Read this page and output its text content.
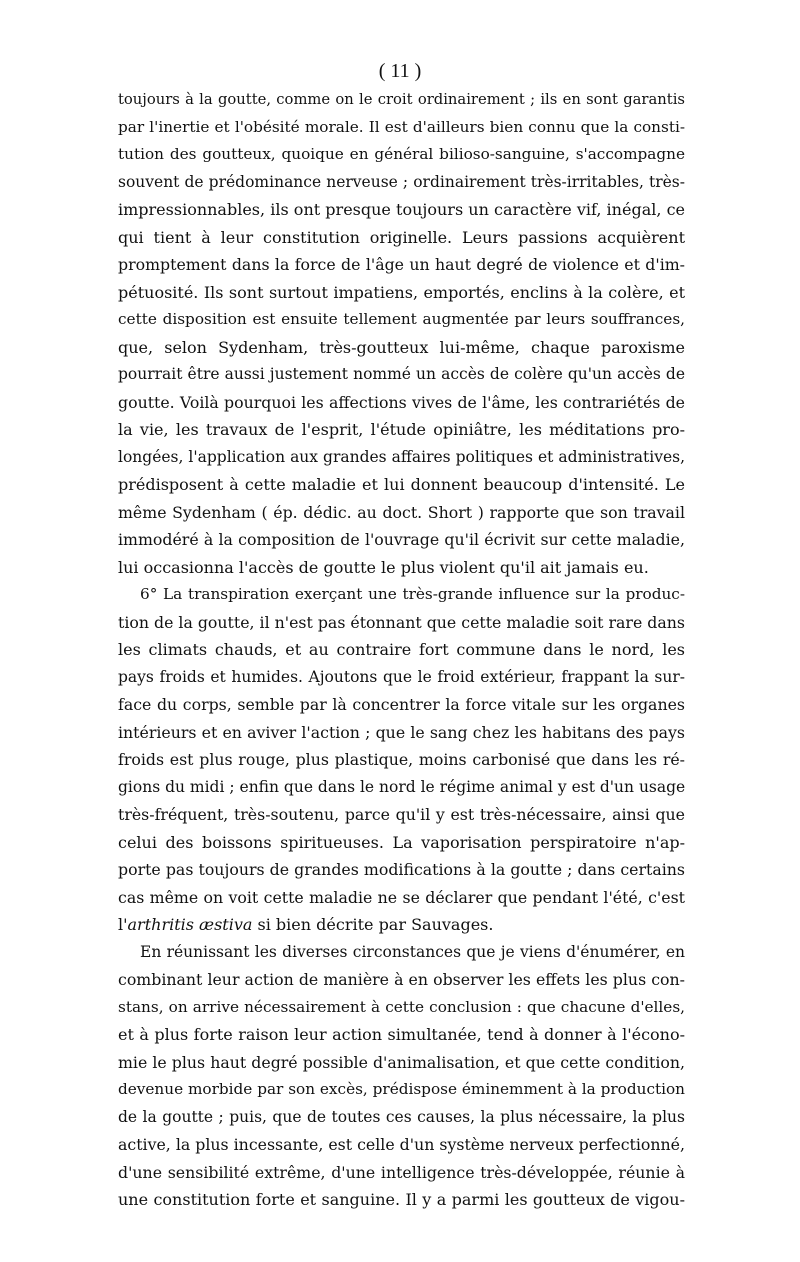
( 11 )
toujours à la goutte, comme on le croit ordinairement ; ils en sont garantis
par l'inertie et l'obésité morale. Il est d'ailleurs bien connu que la consti-
tution des goutteux, quoique en général bilioso-sanguine, s'accompagne
souvent de prédominance nerveuse ; ordinairement très-irritables, très-
impressionnables, ils ont presque toujours un caractère vif, inégal, ce
qui tient à leur constitution originelle. Leurs passions acquièrent
promptement dans la force de l'âge un haut degré de violence et d'im-
pétuosité. Ils sont surtout impatiens, emportés, enclins à la colère, et
cette disposition est ensuite tellement augmentée par leurs souffrances,
que, selon Sydenham, très-goutteux lui-même, chaque paroxisme
pourrait être aussi justement nommé un accès de colère qu'un accès de
goutte. Voilà pourquoi les affections vives de l'âme, les contrariétés de
la vie, les travaux de l'esprit, l'étude opiniâtre, les méditations pro-
longées, l'application aux grandes affaires politiques et administratives,
prédisposent à cette maladie et lui donnent beaucoup d'intensité. Le
même Sydenham ( ép. dédic. au doct. Short ) rapporte que son travail
immodéré à la composition de l'ouvrage qu'il écrivit sur cette maladie,
lui occasionna l'accès de goutte le plus violent qu'il ait jamais eu.
6° La transpiration exerçant une très-grande influence sur la produc-
tion de la goutte, il n'est pas étonnant que cette maladie soit rare dans
les climats chauds, et au contraire fort commune dans le nord, les
pays froids et humides. Ajoutons que le froid extérieur, frappant la sur-
face du corps, semble par là concentrer la force vitale sur les organes
intérieurs et en aviver l'action ; que le sang chez les habitans des pays
froids est plus rouge, plus plastique, moins carbonisé que dans les ré-
gions du midi ; enfin que dans le nord le régime animal y est d'un usage
très-fréquent, très-soutenu, parce qu'il y est très-nécessaire, ainsi que
celui des boissons spiritueuses. La vaporisation perspiratoire n'ap-
porte pas toujours de grandes modifications à la goutte ; dans certains
cas même on voit cette maladie ne se déclarer que pendant l'été, c'est
l'arthritis æstiva si bien décrite par Sauvages.
En réunissant les diverses circonstances que je viens d'énumérer, en
combinant leur action de manière à en observer les effets les plus con-
stans, on arrive nécessairement à cette conclusion : que chacune d'elles,
et à plus forte raison leur action simultanée, tend à donner à l'écono-
mie le plus haut degré possible d'animalisation, et que cette condition,
devenue morbide par son excès, prédispose éminemment à la production
de la goutte ; puis, que de toutes ces causes, la plus nécessaire, la plus
active, la plus incessante, est celle d'un système nerveux perfectionné,
d'une sensibilité extrême, d'une intelligence très-développée, réunie à
une constitution forte et sanguine. Il y a parmi les goutteux de vigou-
